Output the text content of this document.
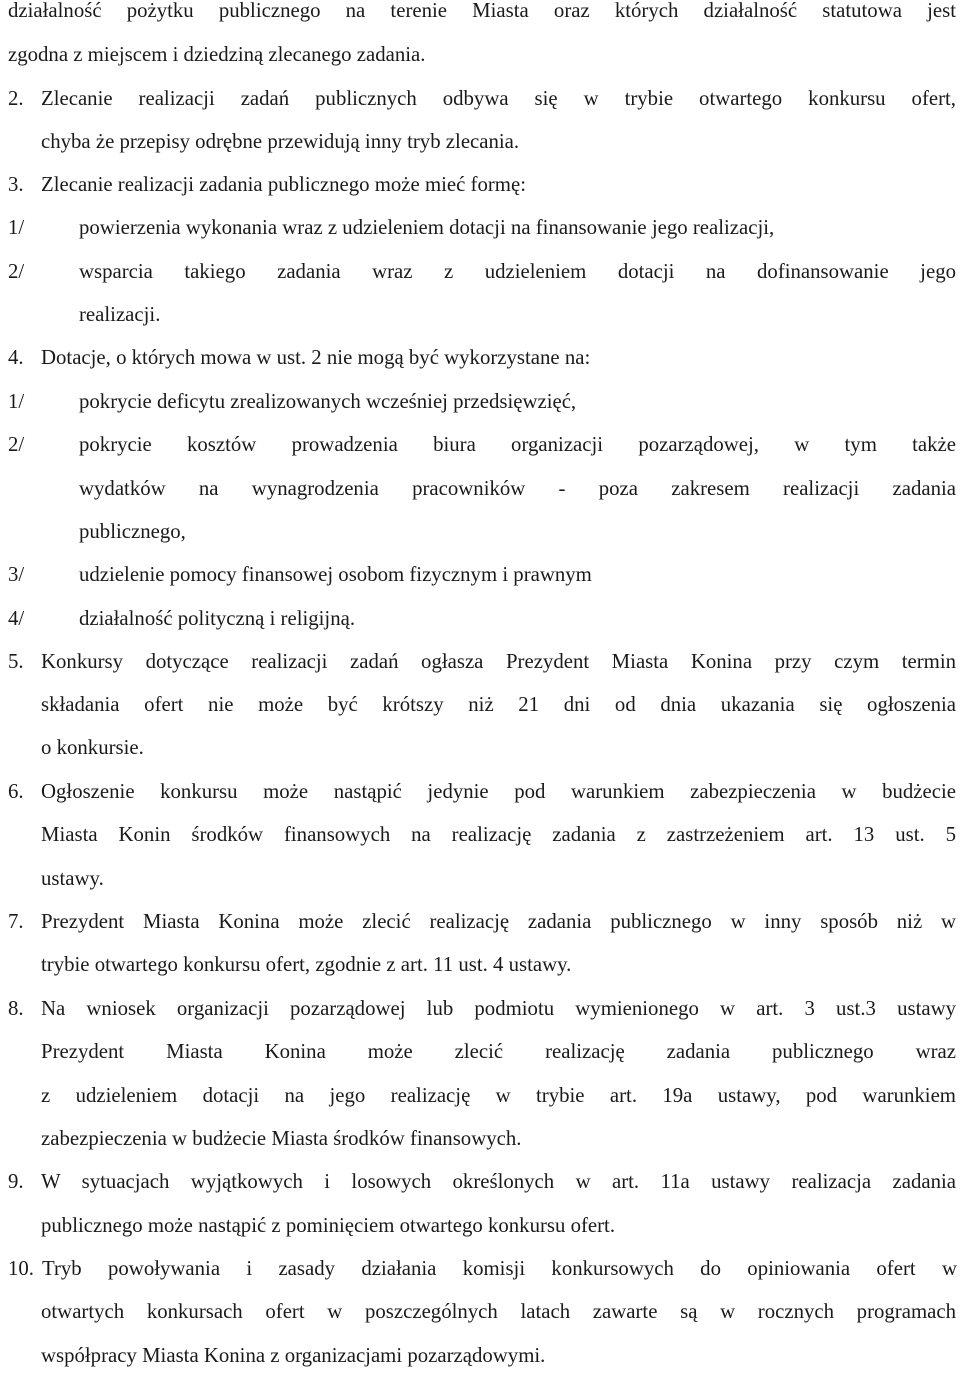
działalność pożytku publicznego na terenie Miasta oraz których działalność statutowa jest
zgodna z miejscem i dziedziną zlecanego zadania.
2. Zlecanie realizacji zadań publicznych odbywa się w trybie otwartego konkursu ofert,
chyba że przepisy odrębne przewidują inny tryb zlecania.
3. Zlecanie realizacji zadania publicznego może mieć formę:
1/	powierzenia wykonania wraz z udzieleniem dotacji na finansowanie jego realizacji,
2/	wsparcia takiego zadania wraz z udzieleniem dotacji na dofinansowanie jego
realizacji.
4. Dotacje, o których mowa w ust. 2 nie mogą być wykorzystane na:
1/	pokrycie deficytu zrealizowanych wcześniej przedsięwzięć,
2/	pokrycie kosztów prowadzenia biura organizacji pozarządowej, w tym także
wydatków na wynagrodzenia pracowników - poza zakresem realizacji zadania
publicznego,
3/	udzielenie pomocy finansowej osobom fizycznym i prawnym
4/	działalność polityczną i religijną.
5. Konkursy dotyczące realizacji zadań ogłasza Prezydent Miasta Konina przy czym termin
składania ofert nie może być krótszy niż 21 dni od dnia ukazania się ogłoszenia
o konkursie.
6. Ogłoszenie konkursu może nastąpić jedynie pod warunkiem zabezpieczenia w budżecie
Miasta Konin środków finansowych na realizację zadania z zastrzeżeniem art. 13 ust. 5
ustawy.
7. Prezydent Miasta Konina może zlecić realizację zadania publicznego w inny sposób niż w
trybie otwartego konkursu ofert, zgodnie z art. 11 ust. 4 ustawy.
8. Na wniosek organizacji pozarządowej lub podmiotu wymienionego w art. 3 ust.3 ustawy
Prezydent Miasta Konina może zlecić realizację zadania publicznego wraz
z udzieleniem dotacji na jego realizację w trybie art. 19a ustawy, pod warunkiem
zabezpieczenia w budżecie Miasta środków finansowych.
9. W sytuacjach wyjątkowych i losowych określonych w art. 11a ustawy realizacja zadania
publicznego może nastąpić z pominięciem otwartego konkursu ofert.
10. Tryb powoływania i zasady działania komisji konkursowych do opiniowania ofert w
otwartych konkursach ofert w poszczególnych latach zawarte są w rocznych programach
współpracy Miasta Konina z organizacjami pozarządowymi.
